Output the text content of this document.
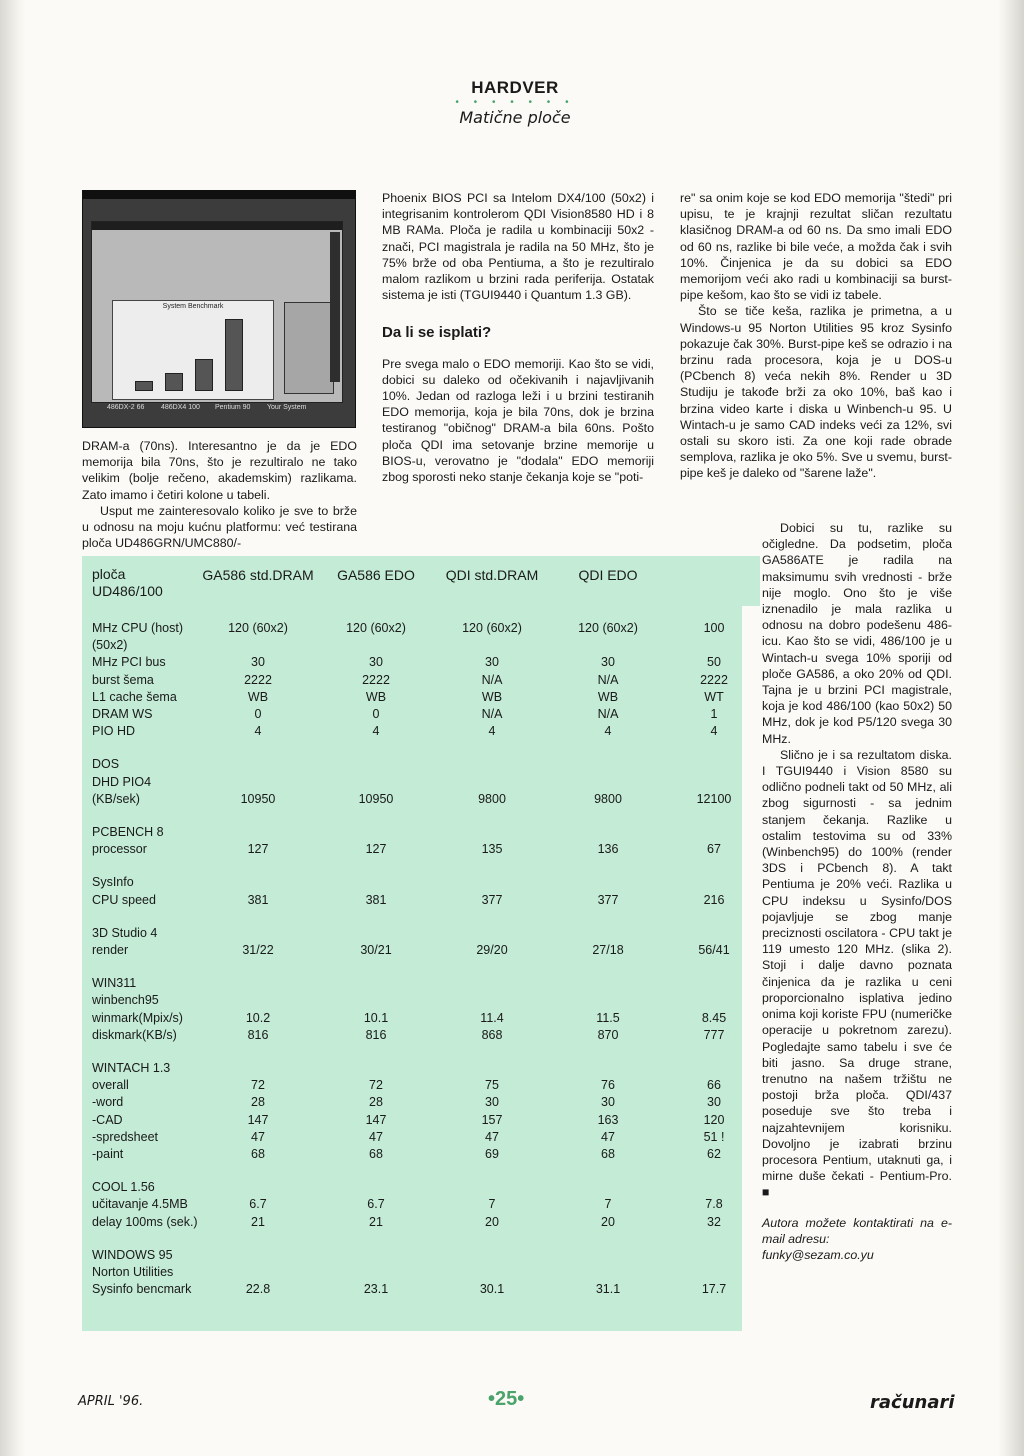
HARDVER
• • • • • • •
Matične ploče
System Benchmark
486DX-2 66 486DX4 100 Pentium 90 Your System

DRAM-a (70ns). Interesantno je da je EDO memorija bila 70ns, što je rezultiralo ne tako velikim (bolje rečeno, akademskim) razlikama. Zato imamo i četiri kolone u tabeli.

Usput me zainteresovalo koliko je sve to brže u odnosu na moju kućnu platformu: već testirana ploča UD486GRN/UMC880/-

Phoenix BIOS PCI sa Intelom DX4/100 (50x2) i integrisanim kontrolerom QDI Vision8580 HD i 8 MB RAMa. Ploča je radila u kombinaciji 50x2 - znači, PCI magistrala je radila na 50 MHz, što je 75% brže od oba Pentiuma, a što je rezultiralo malom razlikom u brzini rada periferija. Ostatak sistema je isti (TGUI9440 i Quantum 1.3 GB).

Da li se isplati?

Pre svega malo o EDO memoriji. Kao što se vidi, dobici su daleko od očekivanih i najavljivanih 10%. Jedan od razloga leži i u brzini testiranih EDO memorija, koja je bila 70ns, dok je brzina testiranog "običnog" DRAM-a bila 60ns. Pošto ploča QDI ima setovanje brzine memorije u BIOS-u, verovatno je "dodala" EDO memoriji zbog sporosti neko stanje čekanja koje se "poti-

re" sa onim koje se kod EDO memorija "štedi" pri upisu, te je krajnji rezultat sličan rezultatu klasičnog DRAM-a od 60 ns. Da smo imali EDO od 60 ns, razlike bi bile veće, a možda čak i svih 10%. Činjenica je da su dobici sa EDO memorijom veći ako radi u kombinaciji sa burst-pipe kešom, kao što se vidi iz tabele.

Što se tiče keša, razlika je primetna, a u Windows-u 95 Norton Utilities 95 kroz Sysinfo pokazuje čak 30%. Burst-pipe keš se odrazio i na brzinu rada procesora, koja je u DOS-u (PCbench 8) veća nekih 8%. Render u 3D Studiju je takođe brži za oko 10%, baš kao i brzina video karte i diska u Winbench-u 95. U Wintach-u je samo CAD indeks veći za 12%, svi ostali su skoro isti. Za one koji rade obrade semplova, razlika je oko 5%. Sve u svemu, burst-pipe keš je daleko od "šarene laže".

Dobici su tu, razlike su očigledne. Da podsetim, ploča GA586ATE je radila na maksimumu svih vrednosti - brže nije moglo. Ono što je više iznenadilo je mala razlika u odnosu na dobro podešenu 486-icu. Kao što se vidi, 486/100 je u Wintach-u svega 10% sporiji od ploče GA586, a oko 20% od QDI. Tajna je u brzini PCI magistrale, koja je kod 486/100 (kao 50x2) 50 MHz, dok je kod P5/120 svega 30 MHz.

Slično je i sa rezultatom diska. I TGUI9440 i Vision 8580 su odlično podneli takt od 50 MHz, ali zbog sigurnosti - sa jednim stanjem čekanja. Razlike u ostalim testovima su od 33% (Winbench95) do 100% (render 3DS i PCbench 8). A takt Pentiuma je 20% veći. Razlika u CPU indeksu u Sysinfo/DOS pojavljuje se zbog manje preciznosti oscilatora - CPU takt je 119 umesto 120 MHz. (slika 2). Stoji i dalje davno poznata činjenica da je razlika u ceni proporcionalno isplativa jedino onima koji koriste FPU (numeričke operacije u pokretnom zarezu). Pogledajte samo tabelu i sve će biti jasno. Sa druge strane, trenutno na našem tržištu ne postoji brža ploča. QDI/437 poseduje sve što treba i najzahtevnijem korisniku. Dovoljno je izabrati brzinu procesora Pentium, utaknuti ga, i mirne duše čekati - Pentium-Pro. ■

Autora možete kontaktirati na e-mail adresu:

funky@sezam.co.yu

ploča
UD486/100
GA586 std.DRAM	GA586 EDO	QDI std.DRAM	QDI EDO
MHz CPU (host)	120 (60x2)	120 (60x2)	120 (60x2)	120 (60x2)	100
(50x2)
MHz PCI bus	30	30	30	30	50
burst šema	2222	2222	N/A	N/A	2222
L1 cache šema	WB	WB	WB	WB	WT
DRAM WS	0	0	N/A	N/A	1
PIO HD	4	4	4	4	4
DOS
DHD PIO4
(KB/sek)	10950	10950	9800	9800	12100
PCBENCH 8
processor	127	127	135	136	67
SysInfo
CPU speed	381	381	377	377	216
3D Studio 4
render	31/22	30/21	29/20	27/18	56/41
WIN311
winbench95
winmark(Mpix/s)	10.2	10.1	11.4	11.5	8.45
diskmark(KB/s)	816	816	868	870	777
WINTACH 1.3
overall	72	72	75	76	66
-word	28	28	30	30	30
-CAD	147	147	157	163	120
-spredsheet	47	47	47	47	51 !
-paint	68	68	69	68	62
COOL 1.56
učitavanje 4.5MB	6.7	6.7	7	7	7.8
delay 100ms (sek.)	21	21	20	20	32
WINDOWS 95
Norton Utilities
Sysinfo bencmark	22.8	23.1	30.1	31.1	17.7
APRIL '96.	•25•	računari
